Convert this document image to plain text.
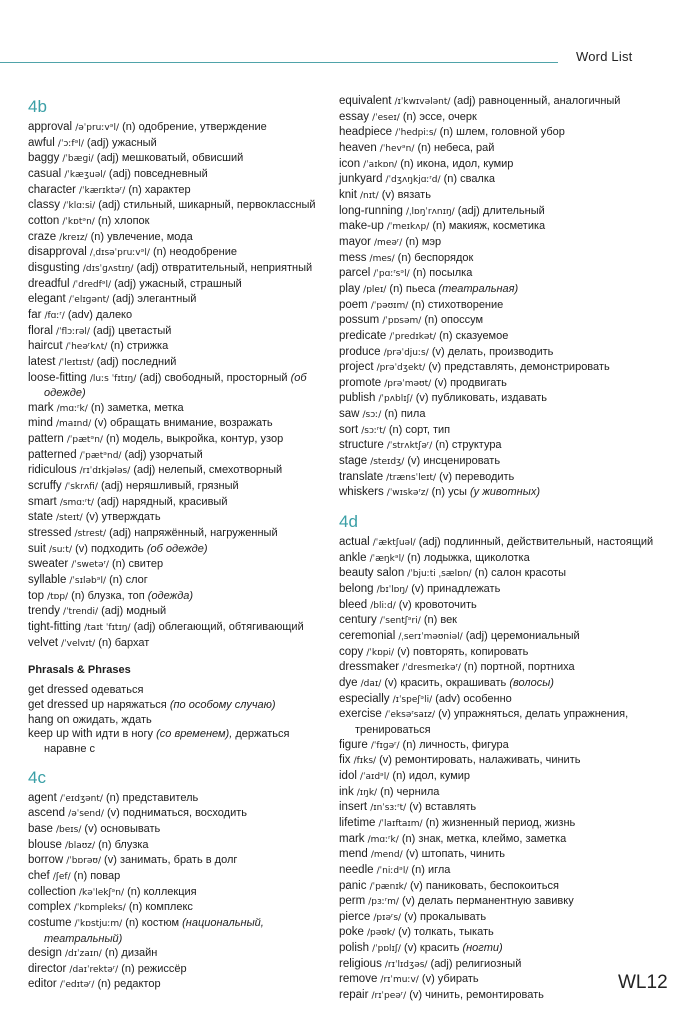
Word List
4b
approval /əˈpruːvᵊl/ (n) одобрение, утверждение
awful /ˈɔːfᵊl/ (adj) ужасный
baggy /ˈbæɡi/ (adj) мешковатый, обвисший
casual /ˈkæʒuəl/ (adj) повседневный
character /ˈkærɪktəʳ/ (n) характер
classy /ˈklɑːsi/ (adj) стильный, шикарный, первоклассный
cotton /ˈkɒtᵊn/ (n) хлопок
craze /kreɪz/ (n) увлечение, мода
disapproval /ˌdɪsəˈpruːvᵊl/ (n) неодобрение
disgusting /dɪsˈɡʌstɪŋ/ (adj) отвратительный, неприятный
dreadful /ˈdredfᵊl/ (adj) ужасный, страшный
elegant /ˈelɪɡənt/ (adj) элегантный
far /fɑːʳ/ (adv) далеко
floral /ˈflɔːrəl/ (adj) цветастый
haircut /ˈheəʳkʌt/ (n) стрижка
latest /ˈleɪtɪst/ (adj) последний
loose-fitting /luːs ˈfɪtɪŋ/ (adj) свободный, просторный (об одежде)
mark /mɑːʳk/ (n) заметка, метка
mind /maɪnd/ (v) обращать внимание, возражать
pattern /ˈpætᵊn/ (n) модель, выкройка, контур, узор
patterned /ˈpætᵊnd/ (adj) узорчатый
ridiculous /rɪˈdɪkjələs/ (adj) нелепый, смехотворный
scruffy /ˈskrʌfi/ (adj) неряшливый, грязный
smart /smɑːʳt/ (adj) нарядный, красивый
state /steɪt/ (v) утверждать
stressed /strest/ (adj) напряжённый, нагруженный
suit /suːt/ (v) подходить (об одежде)
sweater /ˈswetəʳ/ (n) свитер
syllable /ˈsɪləbᵊl/ (n) слог
top /tɒp/ (n) блузка, топ (одежда)
trendy /ˈtrendi/ (adj) модный
tight-fitting /taɪt ˈfɪtɪŋ/ (adj) облегающий, обтягивающий
velvet /ˈvelvɪt/ (n) бархат
Phrasals & Phrases
get dressed одеваться
get dressed up наряжаться (по особому случаю)
hang on ожидать, ждать
keep up with идти в ногу (со временем), держаться наравне с
4c
agent /ˈeɪdʒənt/ (n) представитель
ascend /əˈsend/ (v) подниматься, восходить
base /beɪs/ (v) основывать
blouse /blaʊz/ (n) блузка
borrow /ˈbɒrəʊ/ (v) занимать, брать в долг
chef /ʃef/ (n) повар
collection /kəˈlekʃᵊn/ (n) коллекция
complex /ˈkɒmpleks/ (n) комплекс
costume /ˈkɒstjuːm/ (n) костюм (национальный, театральный)
design /dɪˈzaɪn/ (n) дизайн
director /daɪˈrektəʳ/ (n) режиссёр
editor /ˈedɪtəʳ/ (n) редактор
equivalent /ɪˈkwɪvələnt/ (adj) равноценный, аналогичный
essay /ˈeseɪ/ (n) эссе, очерк
headpiece /ˈhedpiːs/ (n) шлем, головной убор
heaven /ˈhevᵊn/ (n) небеса, рай
icon /ˈaɪkɒn/ (n) икона, идол, кумир
junkyard /ˈdʒʌŋkjɑːʳd/ (n) свалка
knit /nɪt/ (v) вязать
long-running /ˌlɒŋˈrʌnɪŋ/ (adj) длительный
make-up /ˈmeɪkʌp/ (n) макияж, косметика
mayor /meəʳ/ (n) мэр
mess /mes/ (n) беспорядок
parcel /ˈpɑːʳsᵊl/ (n) посылка
play /pleɪ/ (n) пьеса (театральная)
poem /ˈpəʊɪm/ (n) стихотворение
possum /ˈpɒsəm/ (n) опоссум
predicate /ˈpredɪkət/ (n) сказуемое
produce /prəˈdjuːs/ (v) делать, производить
project /prəˈdʒekt/ (v) представлять, демонстрировать
promote /prəˈməʊt/ (v) продвигать
publish /ˈpʌblɪʃ/ (v) публиковать, издавать
saw /sɔː/ (n) пила
sort /sɔːʳt/ (n) сорт, тип
structure /ˈstrʌktʃəʳ/ (n) структура
stage /steɪdʒ/ (v) инсценировать
translate /trænsˈleɪt/ (v) переводить
whiskers /ˈwɪskəʳz/ (n) усы (у животных)
4d
actual /ˈæktʃuəl/ (adj) подлинный, действительный, настоящий
ankle /ˈæŋkᵊl/ (n) лодыжка, щиколотка
beauty salon /ˈbjuːti ˌsælɒn/ (n) салон красоты
belong /bɪˈlɒŋ/ (v) принадлежать
bleed /bliːd/ (v) кровоточить
century /ˈsentʃᵊri/ (n) век
ceremonial /ˌserɪˈməʊniəl/ (adj) церемониальный
copy /ˈkɒpi/ (v) повторять, копировать
dressmaker /ˈdresmeɪkəʳ/ (n) портной, портниха
dye /daɪ/ (v) красить, окрашивать (волосы)
especially /ɪˈspeʃᵊli/ (adv) особенно
exercise /ˈeksəʳsaɪz/ (v) упражняться, делать упражнения, тренироваться
figure /ˈfɪɡəʳ/ (n) личность, фигура
fix /fɪks/ (v) ремонтировать, налаживать, чинить
idol /ˈaɪdᵊl/ (n) идол, кумир
ink /ɪŋk/ (n) чернила
insert /ɪnˈsɜːʳt/ (v) вставлять
lifetime /ˈlaɪftaɪm/ (n) жизненный период, жизнь
mark /mɑːʳk/ (n) знак, метка, клеймо, заметка
mend /mend/ (v) штопать, чинить
needle /ˈniːdᵊl/ (n) игла
panic /ˈpænɪk/ (v) паниковать, беспокоиться
perm /pɜːʳm/ (v) делать перманентную завивку
pierce /pɪəʳs/ (v) прокалывать
poke /pəʊk/ (v) толкать, тыкать
polish /ˈpɒlɪʃ/ (v) красить (ногти)
religious /rɪˈlɪdʒəs/ (adj) религиозный
remove /rɪˈmuːv/ (v) убирать
repair /rɪˈpeəʳ/ (v) чинить, ремонтировать
WL12
